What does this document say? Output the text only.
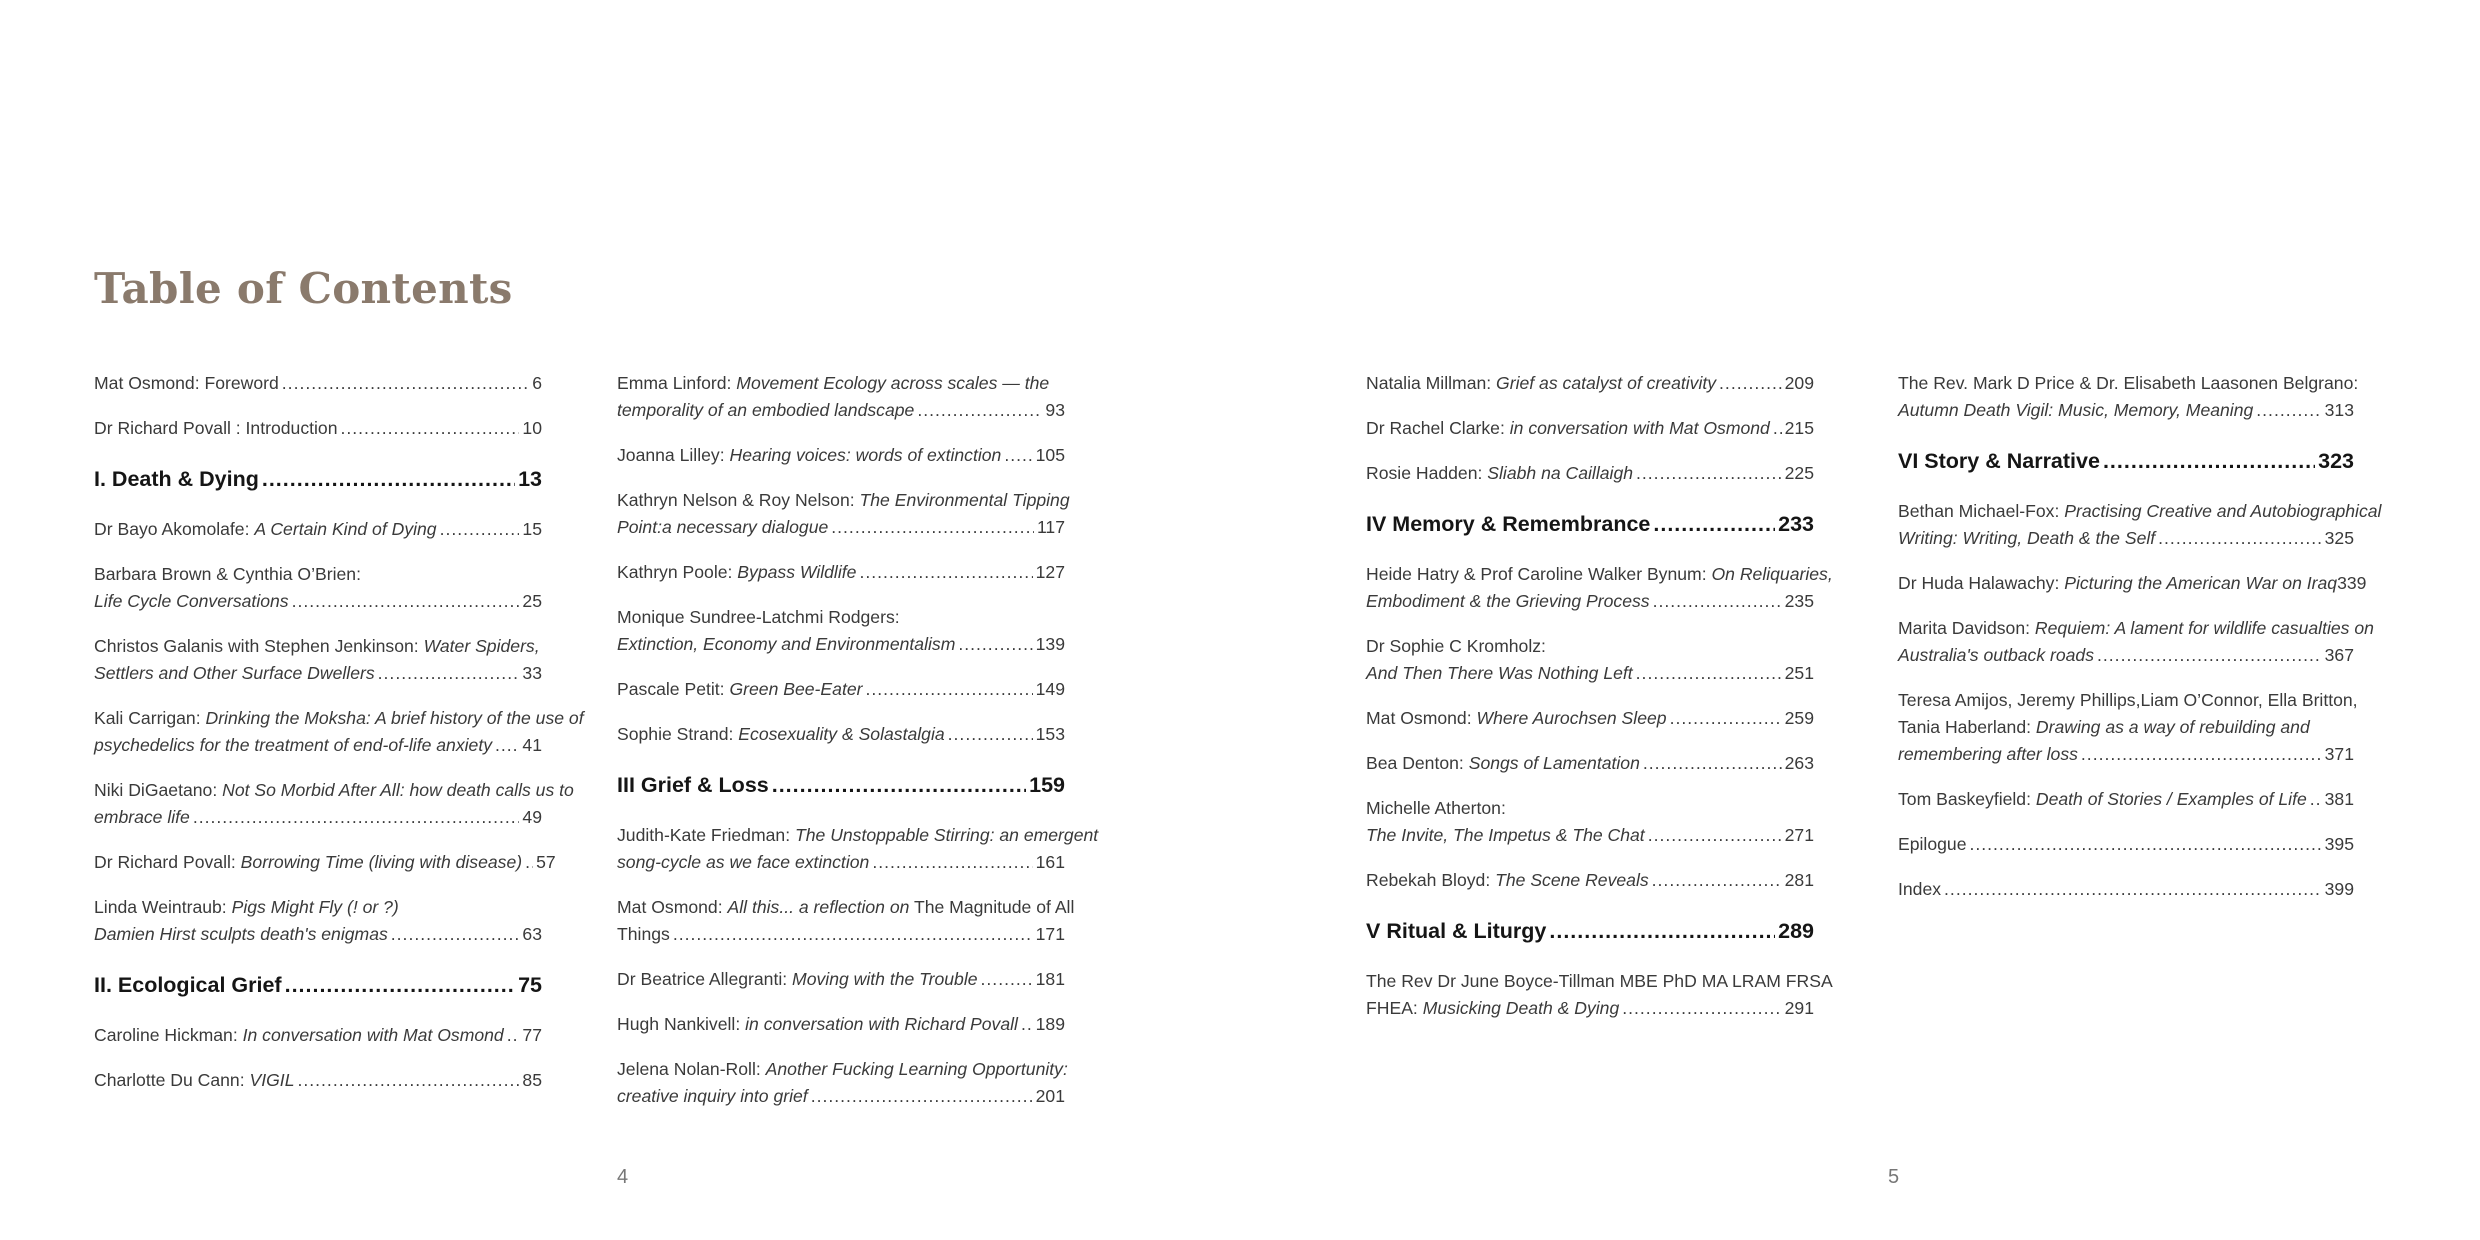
Table of Contents
Mat Osmond: Foreword .....	6
Dr Richard Povall : Introduction .....	10
I. Death & Dying .....	13
Dr Bayo Akomolafe: A Certain Kind of Dying .....	15
Barbara Brown & Cynthia O’Brien:
Life Cycle Conversations .....	25
Christos Galanis with Stephen Jenkinson: Water Spiders,
Settlers and Other Surface Dwellers .....	33
Kali Carrigan: Drinking the Moksha: A brief history of the use of
psychedelics for the treatment of end-of-life anxiety ..... 41
Niki DiGaetano: Not So Morbid After All: how death calls us to
embrace life .....	49
Dr Richard Povall: Borrowing Time (living with disease) ..... 57
Linda Weintraub: Pigs Might Fly (! or ?)
Damien Hirst sculpts death's enigmas .....	63
II. Ecological Grief .....	75
Caroline Hickman: In conversation with Mat Osmond ..... 77
Charlotte Du Cann: VIGIL .....	85
Emma Linford: Movement Ecology across scales — the
temporality of an embodied landscape .....	93
Joanna Lilley: Hearing voices: words of extinction ..... 105
Kathryn Nelson & Roy Nelson: The Environmental Tipping
Point:a necessary dialogue .....	117
Kathryn Poole: Bypass Wildlife .....	127
Monique Sundree-Latchmi Rodgers:
Extinction, Economy and Environmentalism .....	139
Pascale Petit: Green Bee-Eater .....	149
Sophie Strand: Ecosexuality & Solastalgia .....	153
III Grief & Loss .....	159
Judith-Kate Friedman: The Unstoppable Stirring: an emergent
song-cycle as we face extinction .....	161
Mat Osmond: All this... a reflection on The Magnitude of All
Things .....	171
Dr Beatrice Allegranti: Moving with the Trouble .....	181
Hugh Nankivell: in conversation with Richard Povall ..... 189
Jelena Nolan-Roll: Another Fucking Learning Opportunity:
creative inquiry into grief .....	201
Natalia Millman: Grief as catalyst of creativity .....	209
Dr Rachel Clarke: in conversation with Mat Osmond ..... 215
Rosie Hadden: Sliabh na Caillaigh .....	225
IV Memory & Remembrance .....	233
Heide Hatry & Prof Caroline Walker Bynum: On Reliquaries,
Embodiment & the Grieving Process .....	235
Dr Sophie C Kromholz:
And Then There Was Nothing Left .....	251
Mat Osmond: Where Aurochsen Sleep .....	259
Bea Denton: Songs of Lamentation .....	263
Michelle Atherton:
The Invite, The Impetus & The Chat .....	271
Rebekah Bloyd: The Scene Reveals .....	281
V Ritual & Liturgy .....	289
The Rev Dr June Boyce-Tillman MBE PhD MA LRAM FRSA
FHEA: Musicking Death & Dying .....	291
The Rev. Mark D Price & Dr. Elisabeth Laasonen Belgrano:
Autumn Death Vigil: Music, Memory, Meaning .....	313
VI Story & Narrative .....	323
Bethan Michael-Fox: Practising Creative and Autobiographical
Writing: Writing, Death & the Self .....	325
Dr Huda Halawachy: Picturing the American War on Iraq 339
Marita Davidson: Requiem: A lament for wildlife casualties on
Australia's outback roads .....	367
Teresa Amijos, Jeremy Phillips,Liam O’Connor, Ella Britton,
Tania Haberland: Drawing as a way of rebuilding and
remembering after loss .....	371
Tom Baskeyfield: Death of Stories / Examples of Life ..... 381
Epilogue .....	395
Index .....	399
4	5
